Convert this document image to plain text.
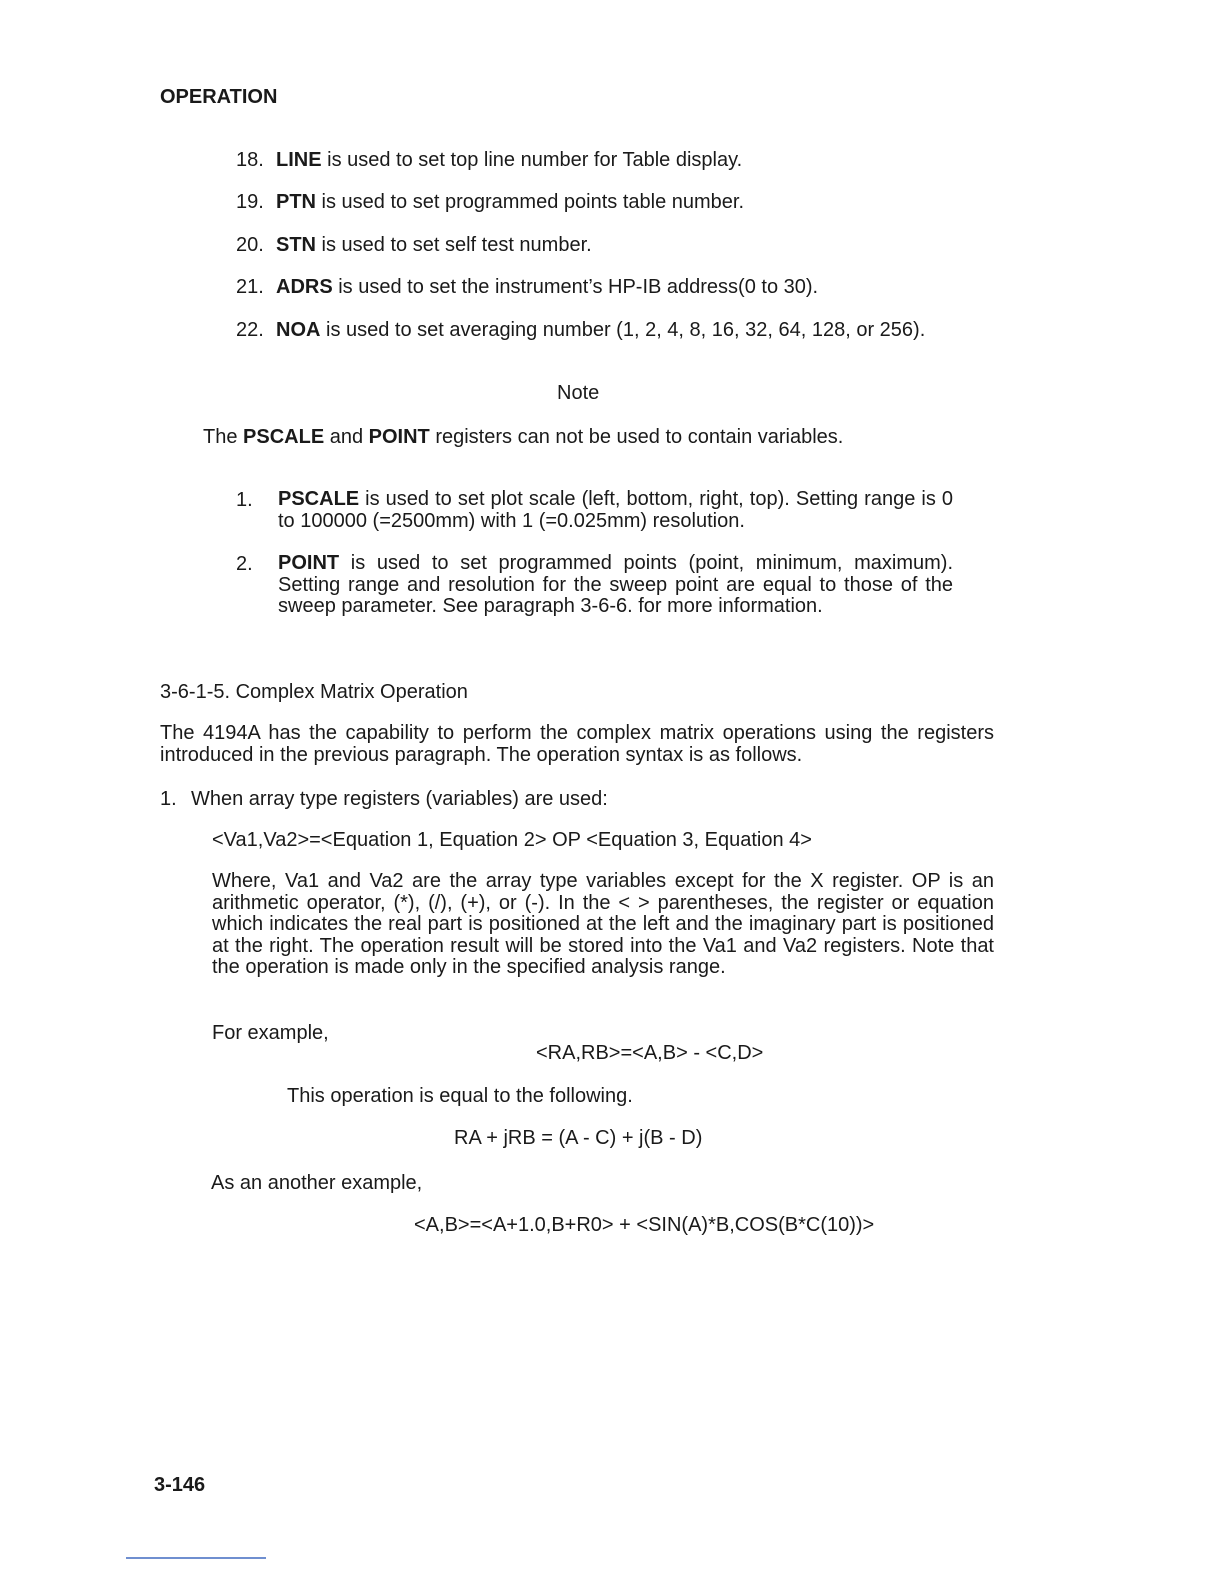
OPERATION
18. LINE is used to set top line number for Table display.
19. PTN is used to set programmed points table number.
20. STN is used to set self test number.
21. ADRS is used to set the instrument’s HP-IB address(0 to 30).
22. NOA is used to set averaging number (1, 2, 4, 8, 16, 32, 64, 128, or 256).
Note
The PSCALE and POINT registers can not be used to contain variables.
1. PSCALE is used to set plot scale (left, bottom, right, top). Setting range is 0 to 100000 (=2500mm) with 1 (=0.025mm) resolution.
2. POINT is used to set programmed points (point, minimum, maximum). Setting range and resolution for the sweep point are equal to those of the sweep parameter. See paragraph 3-6-6. for more information.
3-6-1-5. Complex Matrix Operation
The 4194A has the capability to perform the complex matrix operations using the registers introduced in the previous paragraph. The operation syntax is as follows.
1. When array type registers (variables) are used:
<Va1,Va2>=<Equation 1, Equation 2> OP <Equation 3, Equation 4>
Where, Va1 and Va2 are the array type variables except for the X register. OP is an arithmetic operator, (*), (/), (+), or (-). In the < > parentheses, the register or equation which indicates the real part is positioned at the left and the imaginary part is positioned at the right. The operation result will be stored into the Va1 and Va2 registers. Note that the operation is made only in the specified analysis range.
For example,
<RA,RB>=<A,B> - <C,D>
This operation is equal to the following.
RA + jRB = (A - C) + j(B - D)
As an another example,
<A,B>=<A+1.0,B+R0> + <SIN(A)*B,COS(B*C(10))>
3-146
